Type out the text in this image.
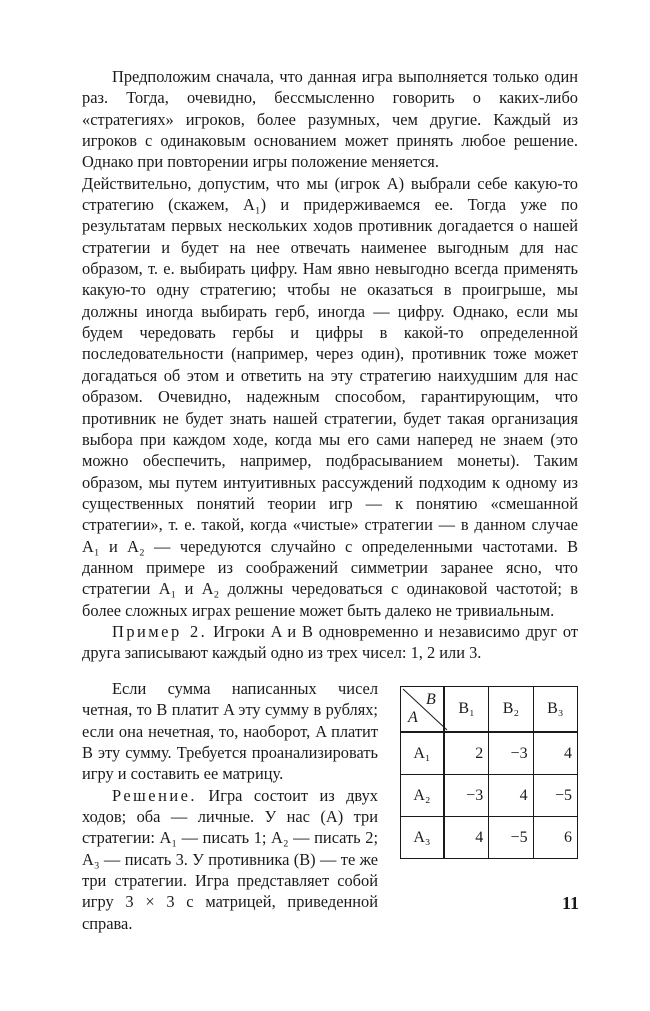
Предположим сначала, что данная игра выполняется только один раз. Тогда, очевидно, бессмысленно говорить о каких-либо «стратегиях» игроков, более разумных, чем другие. Каждый из игроков с одинаковым основанием может принять любое решение. Однако при повторении игры положение меняется.

Действительно, допустим, что мы (игрок A) выбрали себе какую-то стратегию (скажем, A₁) и придерживаемся ее. Тогда уже по результатам первых нескольких ходов противник догадается о нашей стратегии и будет на нее отвечать наименее выгодным для нас образом, т. е. выбирать цифру. Нам явно невыгодно всегда применять какую-то одну стратегию; чтобы не оказаться в проигрыше, мы должны иногда выбирать герб, иногда — цифру. Однако, если мы будем чередовать гербы и цифры в какой-то определенной последовательности (например, через один), противник тоже может догадаться об этом и ответить на эту стратегию наихудшим для нас образом. Очевидно, надежным способом, гарантирующим, что противник не будет знать нашей стратегии, будет такая организация выбора при каждом ходе, когда мы его сами наперед не знаем (это можно обеспечить, например, подбрасыванием монеты). Таким образом, мы путем интуитивных рассуждений подходим к одному из существенных понятий теории игр — к понятию «смешанной стратегии», т. е. такой, когда «чистые» стратегии — в данном случае A₁ и A₂ — чередуются случайно с определенными частотами. В данном примере из соображений симметрии заранее ясно, что стратегии A₁ и A₂ должны чередоваться с одинаковой частотой; в более сложных играх решение может быть далеко не тривиальным.

Пример 2. Игроки A и B одновременно и независимо друг от друга записывают каждый одно из трех чисел: 1, 2 или 3.

Если сумма написанных чисел четная, то B платит A эту сумму в рублях; если она нечетная, то, наоборот, A платит B эту сумму. Требуется проанализировать игру и составить ее матрицу.

Решение. Игра состоит из двух ходов; оба — личные. У нас (A) три стратегии: A₁ — писать 1; A₂ — писать 2; A₃ — писать 3. У противника (B) — те же три стратегии. Игра представляет собой игру 3 × 3 с матрицей, приведенной справа.

B
A	B₁	B₂	B₃
A₁	2	−3	4
A₂	−3	4	−5
A₃	4	−5	6
11
